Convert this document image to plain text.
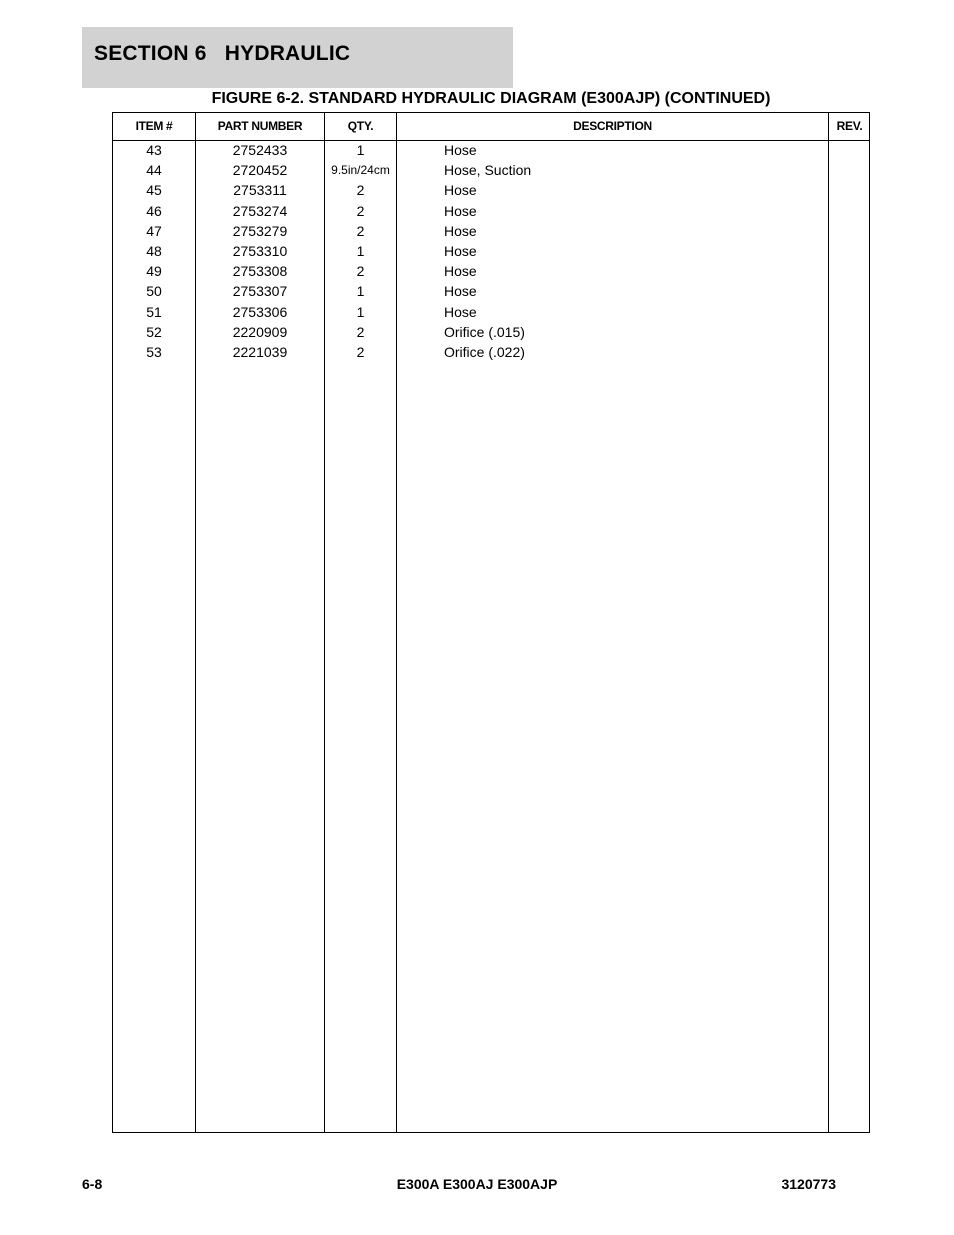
SECTION 6   HYDRAULIC
FIGURE 6-2. STANDARD HYDRAULIC DIAGRAM (E300AJP) (CONTINUED)
ITEM #	PART NUMBER	QTY.	DESCRIPTION	REV.
43	2752433	1	Hose
44	2720452	9.5in/24cm	Hose, Suction
45	2753311	2	Hose
46	2753274	2	Hose
47	2753279	2	Hose
48	2753310	1	Hose
49	2753308	2	Hose
50	2753307	1	Hose
51	2753306	1	Hose
52	2220909	2	Orifice (.015)
53	2221039	2	Orifice (.022)
6-8	E300A E300AJ E300AJP	3120773
